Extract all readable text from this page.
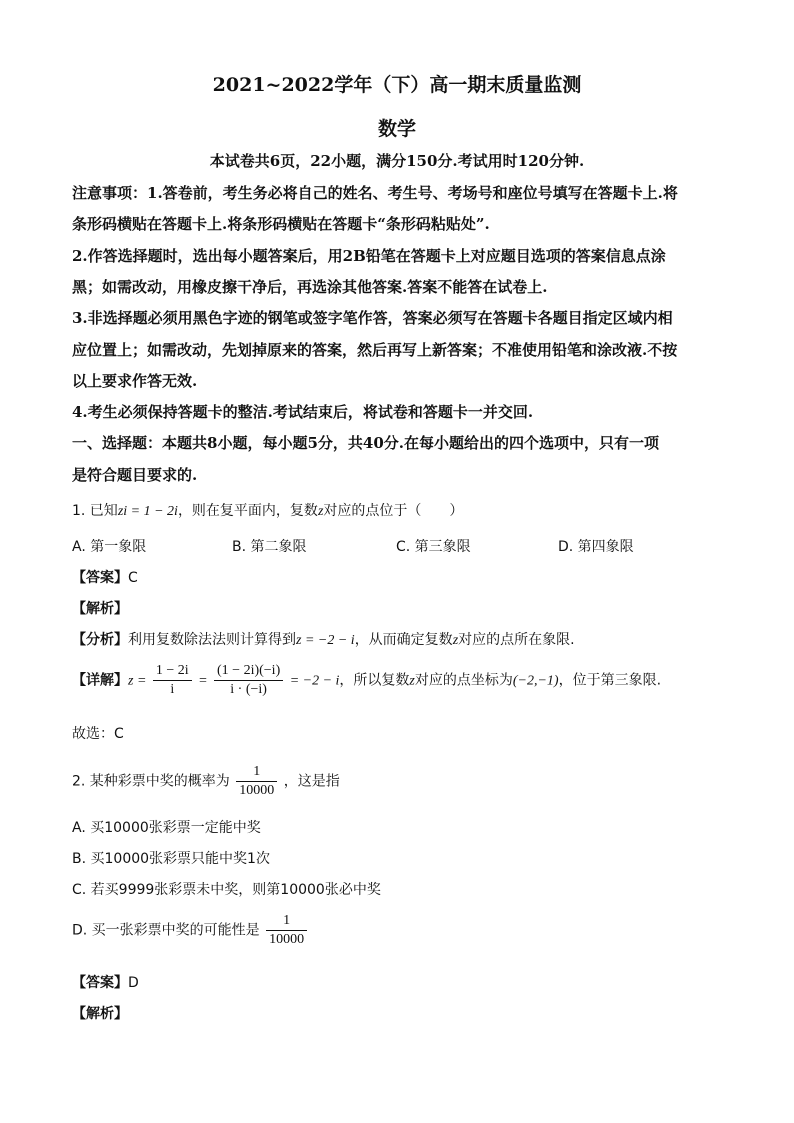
2021~2022学年（下）高一期末质量监测
数学
本试卷共6页，22小题，满分150分.考试用时120分钟.
注意事项：1.答卷前，考生务必将自己的姓名、考生号、考场号和座位号填写在答题卡上.将
条形码横贴在答题卡上.将条形码横贴在答题卡“条形码粘贴处”.
2.作答选择题时，选出每小题答案后，用2B铅笔在答题卡上对应题目选项的答案信息点涂
黑；如需改动，用橡皮擦干净后，再选涂其他答案.答案不能答在试卷上.
3.非选择题必须用黑色字迹的钢笔或签字笔作答，答案必须写在答题卡各题目指定区域内相
应位置上；如需改动，先划掉原来的答案，然后再写上新答案；不准使用铅笔和涂改液.不按
以上要求作答无效.
4.考生必须保持答题卡的整洁.考试结束后，将试卷和答题卡一并交回.
一、选择题：本题共8小题，每小题5分，共40分.在每小题给出的四个选项中，只有一项
是符合题目要求的.
1. 已知zi = 1 − 2i，则在复平面内，复数z对应的点位于（　　）
A. 第一象限	B. 第二象限	C. 第三象限	D. 第四象限
【答案】C
【解析】
【分析】利用复数除法法则计算得到z = −2 − i，从而确定复数z对应的点所在象限.
【详解】$z = \frac{1 - 2i}{i} = \frac{(1 - 2i)(-i)}{i \cdot (-i)} = -2 - i$，所以复数z对应的点坐标为(−2,−1)，位于第三象限.
故选：C
2. 某种彩票中奖的概率为 $\frac{1}{10000}$ ，这是指
A. 买10000张彩票一定能中奖
B. 买10000张彩票只能中奖1次
C. 若买9999张彩票未中奖，则第10000张必中奖
D. 买一张彩票中奖的可能性是 $\frac{1}{10000}$
【答案】D
【解析】
